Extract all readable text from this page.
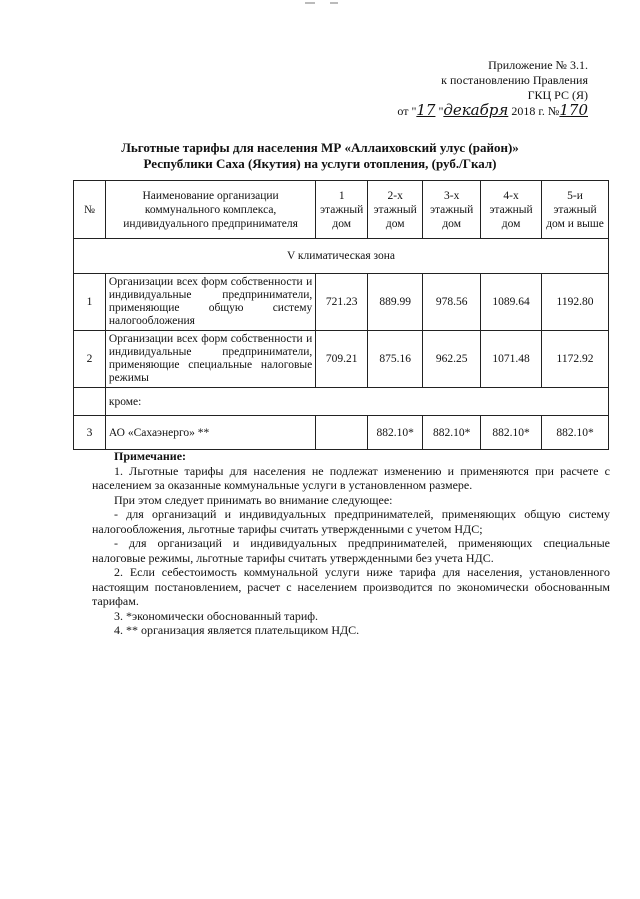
Приложение № 3.1.
к постановлению Правления
ГКЦ РС (Я)
от "17 "декабря 2018 г. №170
Льготные тарифы для населения МР «Аллаиховский улус (район)»
Республики Саха (Якутия) на услуги отопления, (руб./Гкал)
№	Наименование организации коммунального комплекса, индивидуального предпринимателя	1 этажный дом	2-х этажный дом	3-х этажный дом	4-х этажный дом	5-и этажный дом и выше
V климатическая зона						
1	Организации всех форм собственности и индивидуальные предприниматели, применяющие общую систему налогообложения	721.23	889.99	978.56	1089.64	1192.80
2	Организации всех форм собственности и индивидуальные предприниматели, применяющие специальные налоговые режимы	709.21	875.16	962.25	1071.48	1172.92
	кроме:					
3	АО «Сахаэнерго» **		882.10*	882.10*	882.10*	882.10*

Примечание:

1. Льготные тарифы для населения не подлежат изменению и применяются при расчете с населением за оказанные коммунальные услуги в установленном размере.

При этом следует принимать во внимание следующее:

- для организаций и индивидуальных предпринимателей, применяющих общую систему налогообложения, льготные тарифы считать утвержденными с учетом НДС;

- для организаций и индивидуальных предпринимателей, применяющих специальные налоговые режимы, льготные тарифы считать утвержденными без учета НДС.

2. Если себестоимость коммунальной услуги ниже тарифа для населения, установленного настоящим постановлением, расчет с населением производится по экономически обоснованным тарифам.

3. *экономически обоснованный тариф.

4. ** организация является плательщиком НДС.
